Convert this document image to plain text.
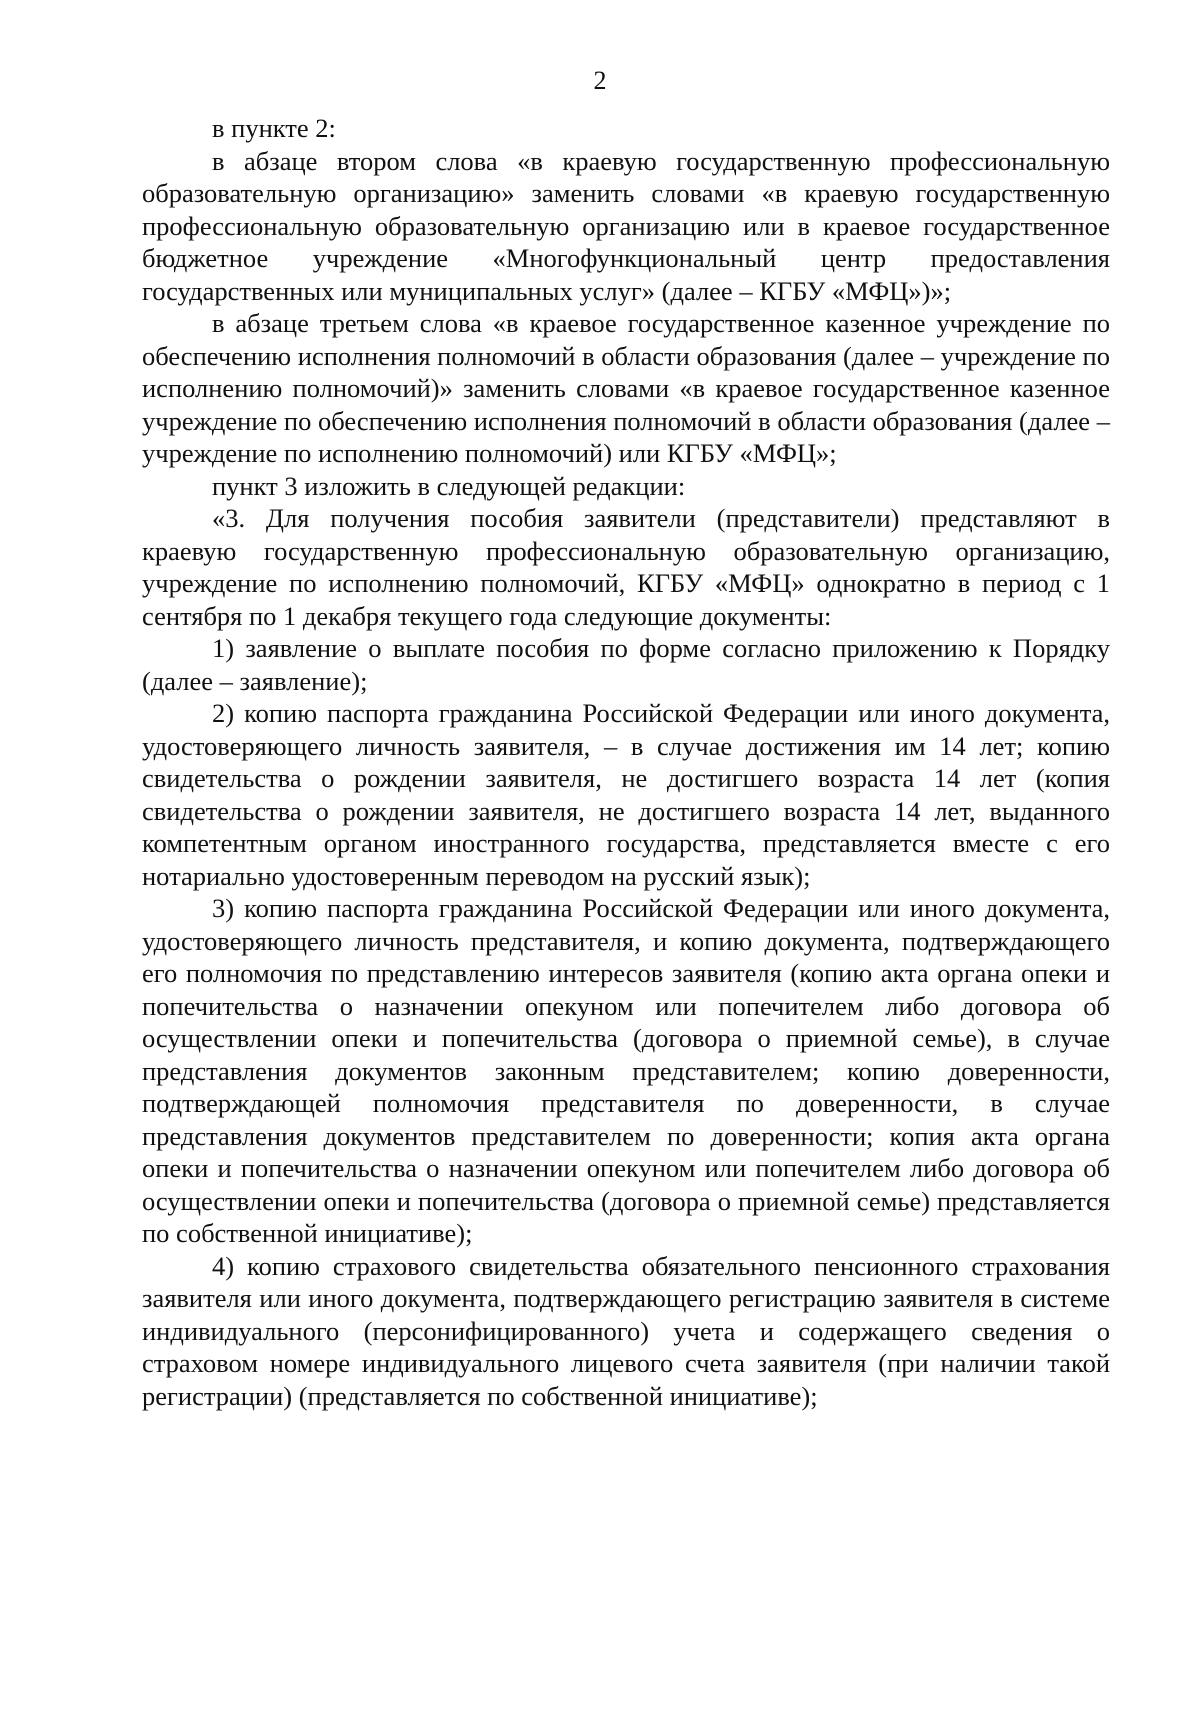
2

в пункте 2:

в абзаце втором слова «в краевую государственную профессиональную образовательную организацию» заменить словами «в краевую государственную профессиональную образовательную организацию или в краевое государственное бюджетное учреждение «Многофункциональный центр предоставления государственных или муниципальных услуг» (далее – КГБУ «МФЦ»)»;

в абзаце третьем слова «в краевое государственное казенное учреждение по обеспечению исполнения полномочий в области образования (далее – учреждение по исполнению полномочий)» заменить словами «в краевое государственное казенное учреждение по обеспечению исполнения полномочий в области образования (далее – учреждение по исполнению полномочий) или КГБУ «МФЦ»;

пункт 3 изложить в следующей редакции:

«3. Для получения пособия заявители (представители) представляют в краевую государственную профессиональную образовательную организацию, учреждение по исполнению полномочий, КГБУ «МФЦ» однократно в период с 1 сентября по 1 декабря текущего года следующие документы:

1) заявление о выплате пособия по форме согласно приложению к Порядку (далее – заявление);

2) копию паспорта гражданина Российской Федерации или иного документа, удостоверяющего личность заявителя, – в случае достижения им 14 лет; копию свидетельства о рождении заявителя, не достигшего возраста 14 лет (копия свидетельства о рождении заявителя, не достигшего возраста 14 лет, выданного компетентным органом иностранного государства, представляется вместе с его нотариально удостоверенным переводом на русский язык);

3) копию паспорта гражданина Российской Федерации или иного документа, удостоверяющего личность представителя, и копию документа, подтверждающего его полномочия по представлению интересов заявителя (копию акта органа опеки и попечительства о назначении опекуном или попечителем либо договора об осуществлении опеки и попечительства (договора о приемной семье), в случае представления документов законным представителем; копию доверенности, подтверждающей полномочия представителя по доверенности, в случае представления документов представителем по доверенности; копия акта органа опеки и попечительства о назначении опекуном или попечителем либо договора об осуществлении опеки и попечительства (договора о приемной семье) представляется по собственной инициативе);

4) копию страхового свидетельства обязательного пенсионного страхования заявителя или иного документа, подтверждающего регистрацию заявителя в системе индивидуального (персонифицированного) учета и содержащего сведения о страховом номере индивидуального лицевого счета заявителя (при наличии такой регистрации) (представляется по собственной инициативе);
